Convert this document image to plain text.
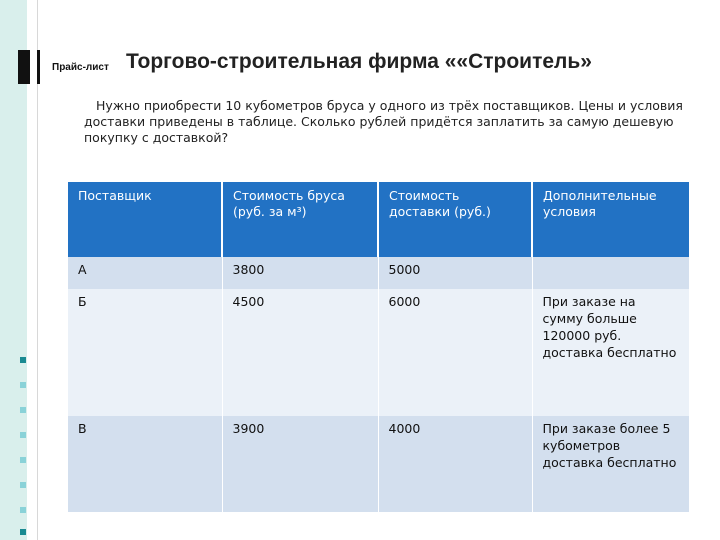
Прайс-лист Торгово-строительная фирма ««Строитель»
Нужно приобрести 10 кубометров бруса у одного из трёх поставщиков. Цены и условия доставки приведены в таблице. Сколько рублей придётся заплатить за самую дешевую покупку с доставкой?
Поставщик	Стоимость бруса (руб. за м³)	Стоимость доставки (руб.)	Дополнительные условия
А	3800	5000	
Б	4500	6000	При заказе на сумму больше 120000 руб. доставка бесплатно
В	3900	4000	При заказе более 5 кубометров доставка бесплатно
